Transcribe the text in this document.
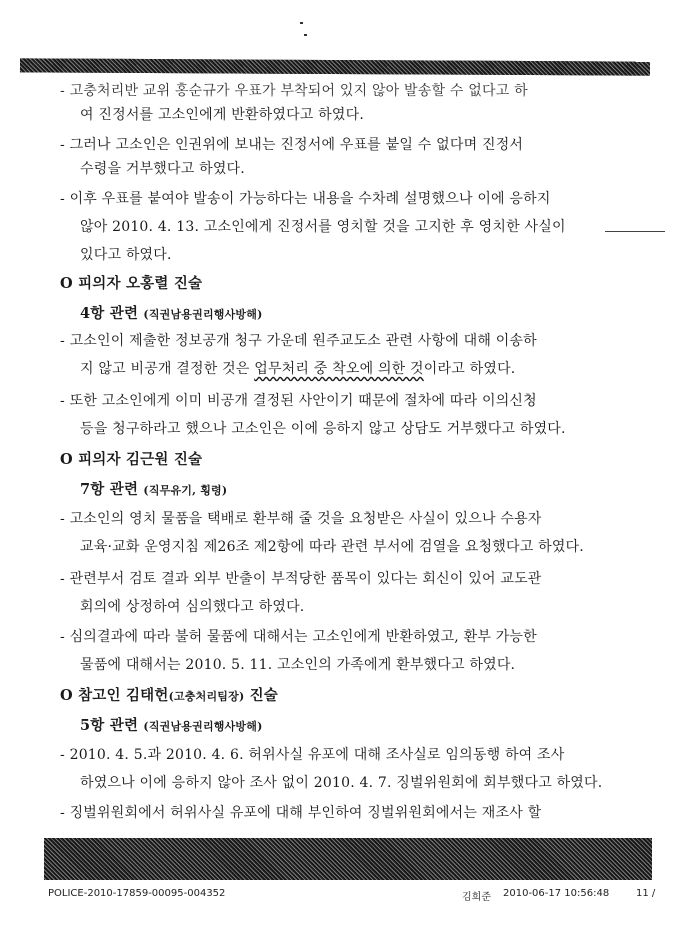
- 고충처리반 교위 홍순규가 우표가 부착되어 있지 않아 발송할 수 없다고 하
여 진정서를 고소인에게 반환하였다고 하였다.
- 그러나 고소인은 인권위에 보내는 진정서에 우표를 붙일 수 없다며 진정서
수령을 거부했다고 하였다.
- 이후 우표를 붙여야 발송이 가능하다는 내용을 수차례 설명했으나 이에 응하지
않아 2010. 4. 13. 고소인에게 진정서를 영치할 것을 고지한 후 영치한 사실이
있다고 하였다.
O 피의자 오홍렬 진술
4항 관련 (직권남용권리행사방해)
- 고소인이 제출한 정보공개 청구 가운데 원주교도소 관련 사항에 대해 이송하
지 않고 비공개 결정한 것은 업무처리 중 착오에 의한 것이라고 하였다.
- 또한 고소인에게 이미 비공개 결정된 사안이기 때문에 절차에 따라 이의신청
등을 청구하라고 했으나 고소인은 이에 응하지 않고 상담도 거부했다고 하였다.
O 피의자 김근원 진술
7항 관련 (직무유기, 횡령)
- 고소인의 영치 물품을 택배로 환부해 줄 것을 요청받은 사실이 있으나 수용자
교육·교화 운영지침 제26조 제2항에 따라 관련 부서에 검열을 요청했다고 하였다.
- 관련부서 검토 결과 외부 반출이 부적당한 품목이 있다는 회신이 있어 교도관
회의에 상정하여 심의했다고 하였다.
- 심의결과에 따라 불허 물품에 대해서는 고소인에게 반환하였고, 환부 가능한
물품에 대해서는 2010. 5. 11. 고소인의 가족에게 환부했다고 하였다.
O 참고인 김태헌(고충처리팀장) 진술
5항 관련 (직권남용권리행사방해)
- 2010. 4. 5.과 2010. 4. 6. 허위사실 유포에 대해 조사실로 임의동행 하여 조사
하였으나 이에 응하지 않아 조사 없이 2010. 4. 7. 징벌위원회에 회부했다고 하였다.
- 징벌위원회에서 허위사실 유포에 대해 부인하여 징벌위원회에서는 재조사 할
POLICE-2010-17859-00095-004352	김희준 2010-06-17 10:56:48	11 /
